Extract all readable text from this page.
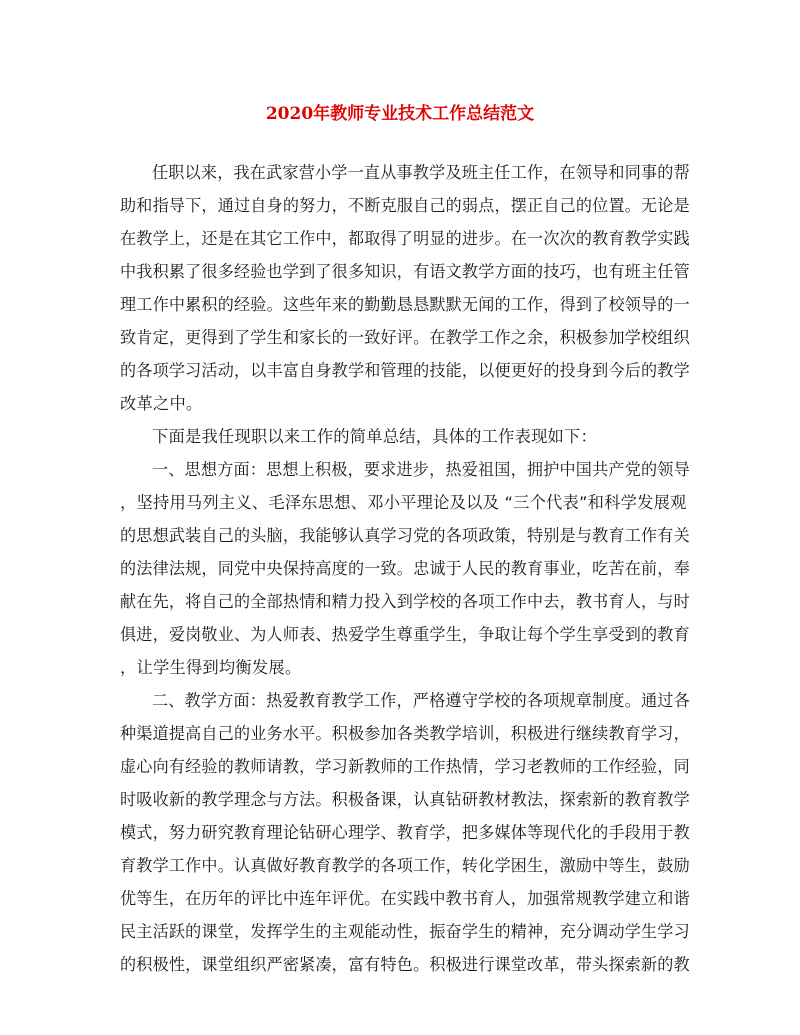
2020年教师专业技术工作总结范文
任职以来，我在武家营小学一直从事教学及班主任工作，在领导和同事的帮
助和指导下，通过自身的努力，不断克服自己的弱点，摆正自己的位置。无论是
在教学上，还是在其它工作中，都取得了明显的进步。在一次次的教育教学实践
中我积累了很多经验也学到了很多知识，有语文教学方面的技巧，也有班主任管
理工作中累积的经验。这些年来的勤勤恳恳默默无闻的工作，得到了校领导的一
致肯定，更得到了学生和家长的一致好评。在教学工作之余，积极参加学校组织
的各项学习活动，以丰富自身教学和管理的技能，以便更好的投身到今后的教学
改革之中。
下面是我任现职以来工作的简单总结，具体的工作表现如下：
一、思想方面：思想上积极，要求进步，热爱祖国，拥护中国共产党的领导
，坚持用马列主义、毛泽东思想、邓小平理论及以及 “三个代表”和科学发展观
的思想武装自己的头脑，我能够认真学习党的各项政策，特别是与教育工作有关
的法律法规，同党中央保持高度的一致。忠诚于人民的教育事业，吃苦在前，奉
献在先，将自己的全部热情和精力投入到学校的各项工作中去，教书育人，与时
俱进，爱岗敬业、为人师表、热爱学生尊重学生，争取让每个学生享受到的教育
，让学生得到均衡发展。
二、教学方面：热爱教育教学工作，严格遵守学校的各项规章制度。通过各
种渠道提高自己的业务水平。积极参加各类教学培训，积极进行继续教育学习，
虚心向有经验的教师请教，学习新教师的工作热情，学习老教师的工作经验，同
时吸收新的教学理念与方法。积极备课，认真钻研教材教法，探索新的教育教学
模式，努力研究教育理论钻研心理学、教育学，把多媒体等现代化的手段用于教
育教学工作中。认真做好教育教学的各项工作，转化学困生，激励中等生，鼓励
优等生，在历年的评比中连年评优。在实践中教书育人，加强常规教学建立和谐
民主活跃的课堂，发挥学生的主观能动性，振奋学生的精神，充分调动学生学习
的积极性，课堂组织严密紧凑，富有特色。积极进行课堂改革，带头探索新的教
